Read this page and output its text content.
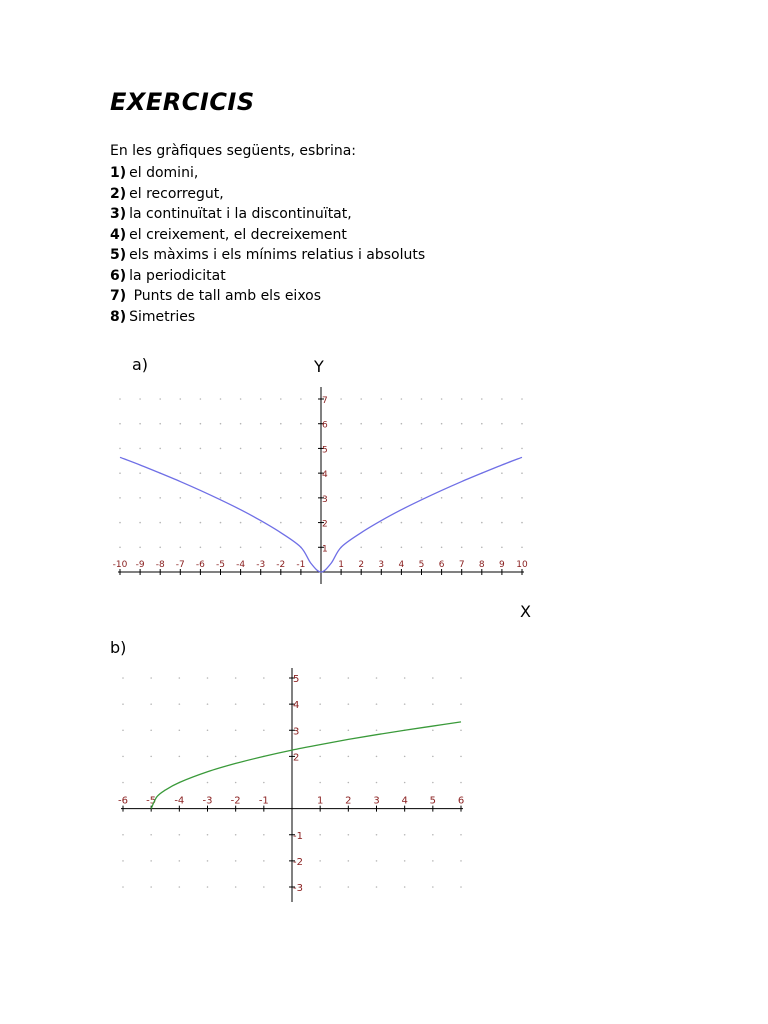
EXERCICIS
En les gràfiques següents, esbrina:
1) el domini,
2) el recorregut,
3) la continuïtat i la discontinuïtat,
4) el creixement, el decreixement
5) els màxims i els mínims relatius i absoluts
6) la periodicitat
7) Punts de tall amb els eixos
8) Simetries
a)	Y
X
b)
-10 -9 -8 -7 -6 -5 -4 -3 -2 -1	1 2 3 4 5 6 7 8 9 10
1
2
3
4
5
6
7
-6 -5 -4 -3 -2 -1	1 2 3 4 5 6
-3
-2
-1
2
3
4
5
